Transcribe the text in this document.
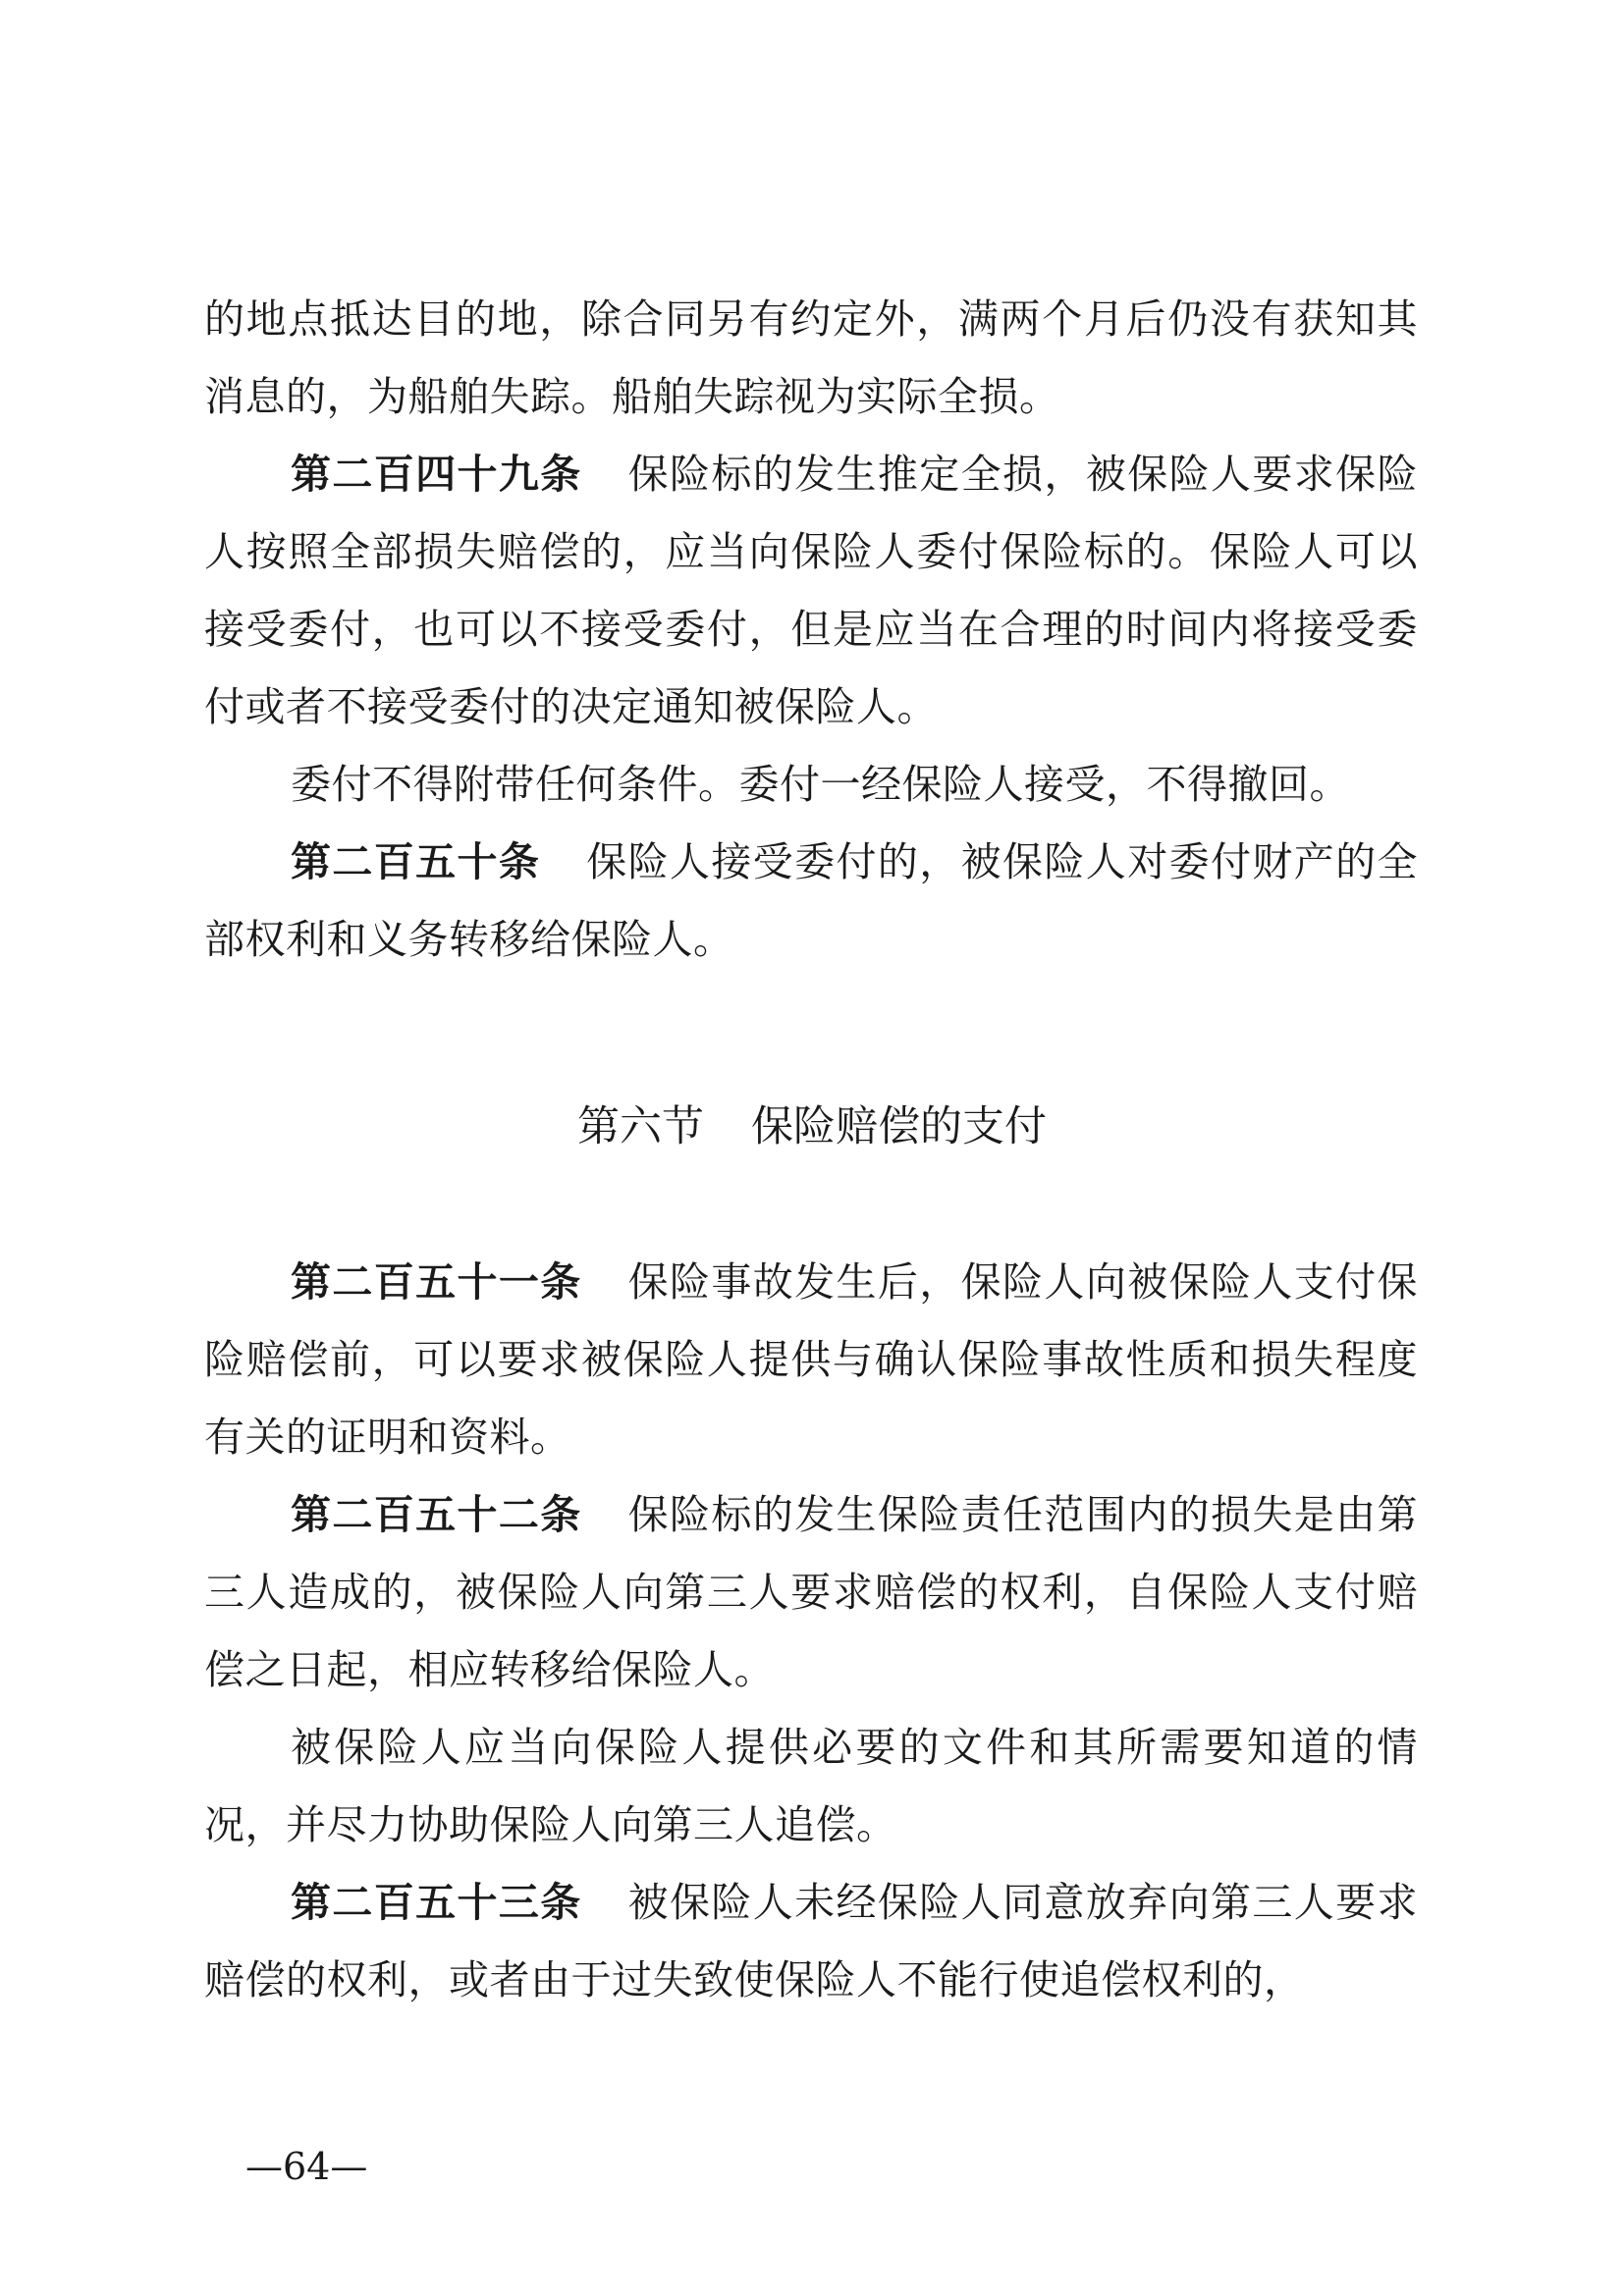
的地点抵达目的地，除合同另有约定外，满两个月后仍没有获知其消息的，为船舶失踪。船舶失踪视为实际全损。

第二百四十九条 保险标的发生推定全损，被保险人要求保险人按照全部损失赔偿的，应当向保险人委付保险标的。保险人可以接受委付，也可以不接受委付，但是应当在合理的时间内将接受委付或者不接受委付的决定通知被保险人。

委付不得附带任何条件。委付一经保险人接受，不得撤回。

第二百五十条 保险人接受委付的，被保险人对委付财产的全部权利和义务转移给保险人。

第六节 保险赔偿的支付

第二百五十一条 保险事故发生后，保险人向被保险人支付保险赔偿前，可以要求被保险人提供与确认保险事故性质和损失程度有关的证明和资料。

第二百五十二条 保险标的发生保险责任范围内的损失是由第三人造成的，被保险人向第三人要求赔偿的权利，自保险人支付赔偿之日起，相应转移给保险人。

被保险人应当向保险人提供必要的文件和其所需要知道的情况，并尽力协助保险人向第三人追偿。

第二百五十三条 被保险人未经保险人同意放弃向第三人要求赔偿的权利，或者由于过失致使保险人不能行使追偿权利的，

—64—
